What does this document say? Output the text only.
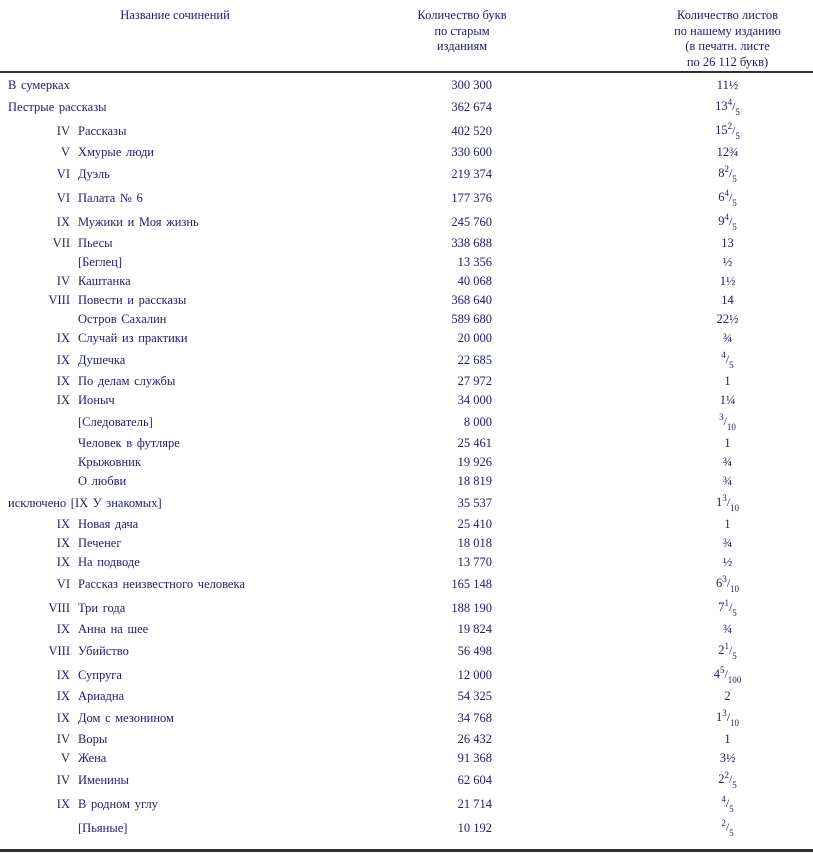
Название сочинений	Количество букв
по старым
изданиям
Количество листов
по нашему изданию
(в печатн. листе
по 26 112 букв)
В сумерках	300 300	11½
Пестрые рассказы	362 674	$13^4/_5$
IV Рассказы	402 520	$15^2/_5$
V Хмурые люди	330 600	12¾
VI Дуэль	219 374	$8^2/_5$
VI Палата № 6	177 376	$6^4/_5$
IX Мужики и Моя жизнь	245 760	$9^4/_5$
VII Пьесы	338 688	13
[Беглец]	13 356	½
IV Каштанка	40 068	1½
VIII Повести и рассказы	368 640	14
Остров Сахалин	589 680	22½
IX Случай из практики	20 000	¾
IX Душечка	22 685	$^4/_5$
IX По делам службы	27 972	1
IX Ионыч	34 000	1¼
[Следователь]	8 000	$^3/_{10}$
Человек в футляре	25 461	1
Крыжовник	19 926	¾
О любви	18 819	¾
исключено [IX У знакомых]	35 537	$1^3/_{10}$
IX Новая дача	25 410	1
IX Печенег	18 018	¾
IX На подводе	13 770	½
VI Рассказ неизвестного человека	165 148	$6^3/_{10}$
VIII Три года	188 190	$7^1/_5$
IX Анна на шее	19 824	¾
VIII Убийство	56 498	$2^1/_5$
IX Супруга	12 000	$4^5/_{100}$
IX Ариадна	54 325	2
IX Дом с мезонином	34 768	$1^3/_{10}$
IV Воры	26 432	1
V Жена	91 368	3½
IV Именины	62 604	$2^2/_5$
IX В родном углу	21 714	$^4/_5$
[Пьяные]	10 192	$^2/_5$
